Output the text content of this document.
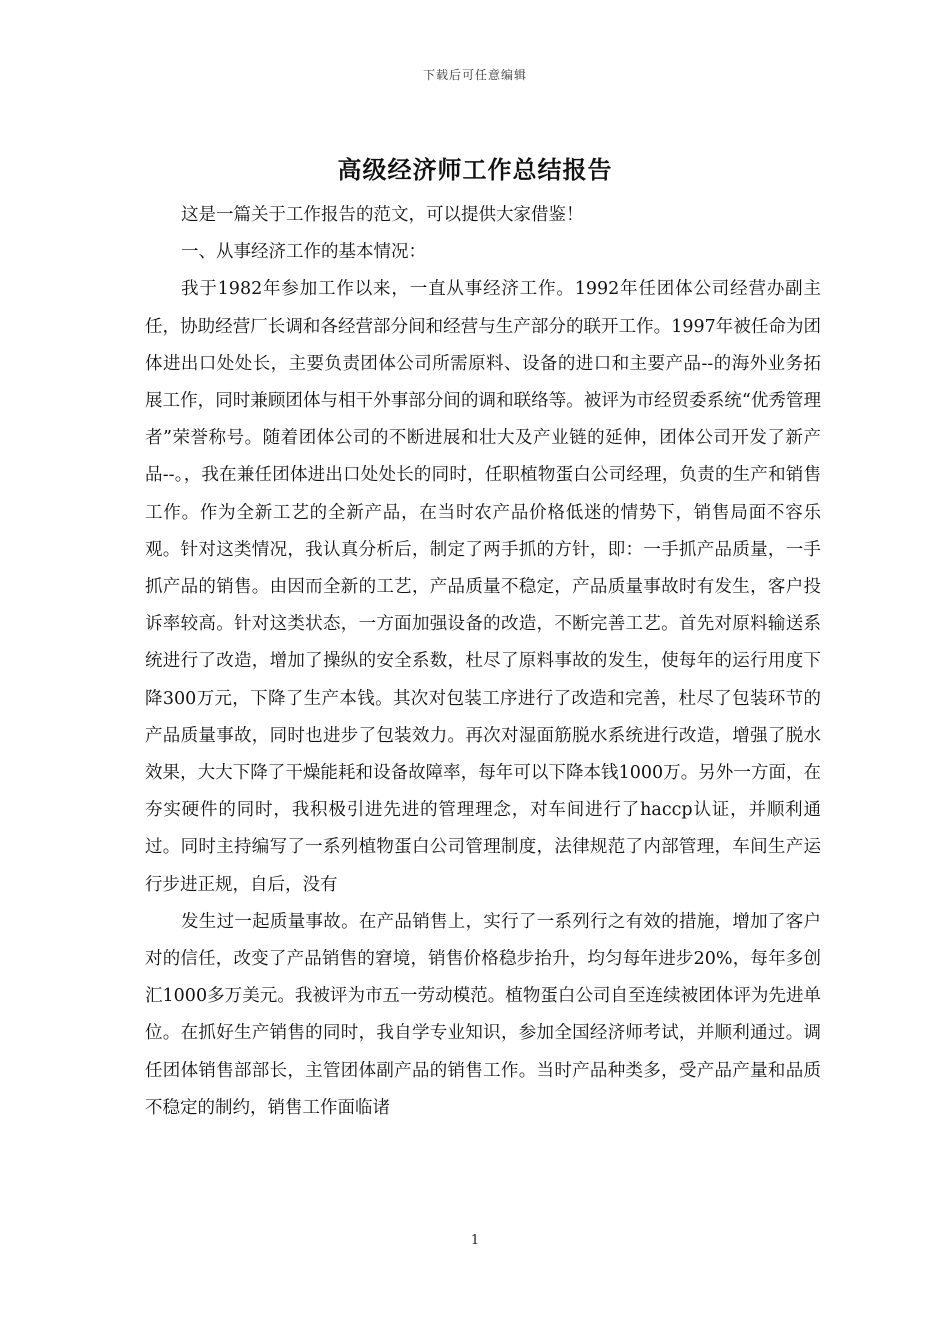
下载后可任意编辑
高级经济师工作总结报告

这是一篇关于工作报告的范文，可以提供大家借鉴！

一、从事经济工作的基本情况：

我于1982年参加工作以来，一直从事经济工作。1992年任团体公司经营办副主任，协助经营厂长调和各经营部分间和经营与生产部分的联开工作。1997年被任命为团体进出口处处长，主要负责团体公司所需原料、设备的进口和主要产品--的海外业务拓展工作，同时兼顾团体与相干外事部分间的调和联络等。被评为市经贸委系统“优秀管理者”荣誉称号。随着团体公司的不断进展和壮大及产业链的延伸，团体公司开发了新产品--。，我在兼任团体进出口处处长的同时，任职植物蛋白公司经理，负责的生产和销售工作。作为全新工艺的全新产品，在当时农产品价格低迷的情势下，销售局面不容乐观。针对这类情况，我认真分析后，制定了两手抓的方针，即：一手抓产品质量，一手抓产品的销售。由因而全新的工艺，产品质量不稳定，产品质量事故时有发生，客户投诉率较高。针对这类状态，一方面加强设备的改造，不断完善工艺。首先对原料输送系统进行了改造，增加了操纵的安全系数，杜尽了原料事故的发生，使每年的运行用度下降300万元，下降了生产本钱。其次对包装工序进行了改造和完善，杜尽了包装环节的产品质量事故，同时也进步了包装效力。再次对湿面筋脱水系统进行改造，增强了脱水效果，大大下降了干燥能耗和设备故障率，每年可以下降本钱1000万。另外一方面，在夯实硬件的同时，我积极引进先进的管理理念，对车间进行了haccp认证，并顺利通过。同时主持编写了一系列植物蛋白公司管理制度，法律规范了内部管理，车间生产运行步进正规，自后，没有

发生过一起质量事故。在产品销售上，实行了一系列行之有效的措施，增加了客户对的信任，改变了产品销售的窘境，销售价格稳步抬升，均匀每年进步20%，每年多创汇1000多万美元。我被评为市五一劳动模范。植物蛋白公司自至连续被团体评为先进单位。在抓好生产销售的同时，我自学专业知识，参加全国经济师考试，并顺利通过。调任团体销售部部长，主管团体副产品的销售工作。当时产品种类多，受产品产量和品质不稳定的制约，销售工作面临诸

1
